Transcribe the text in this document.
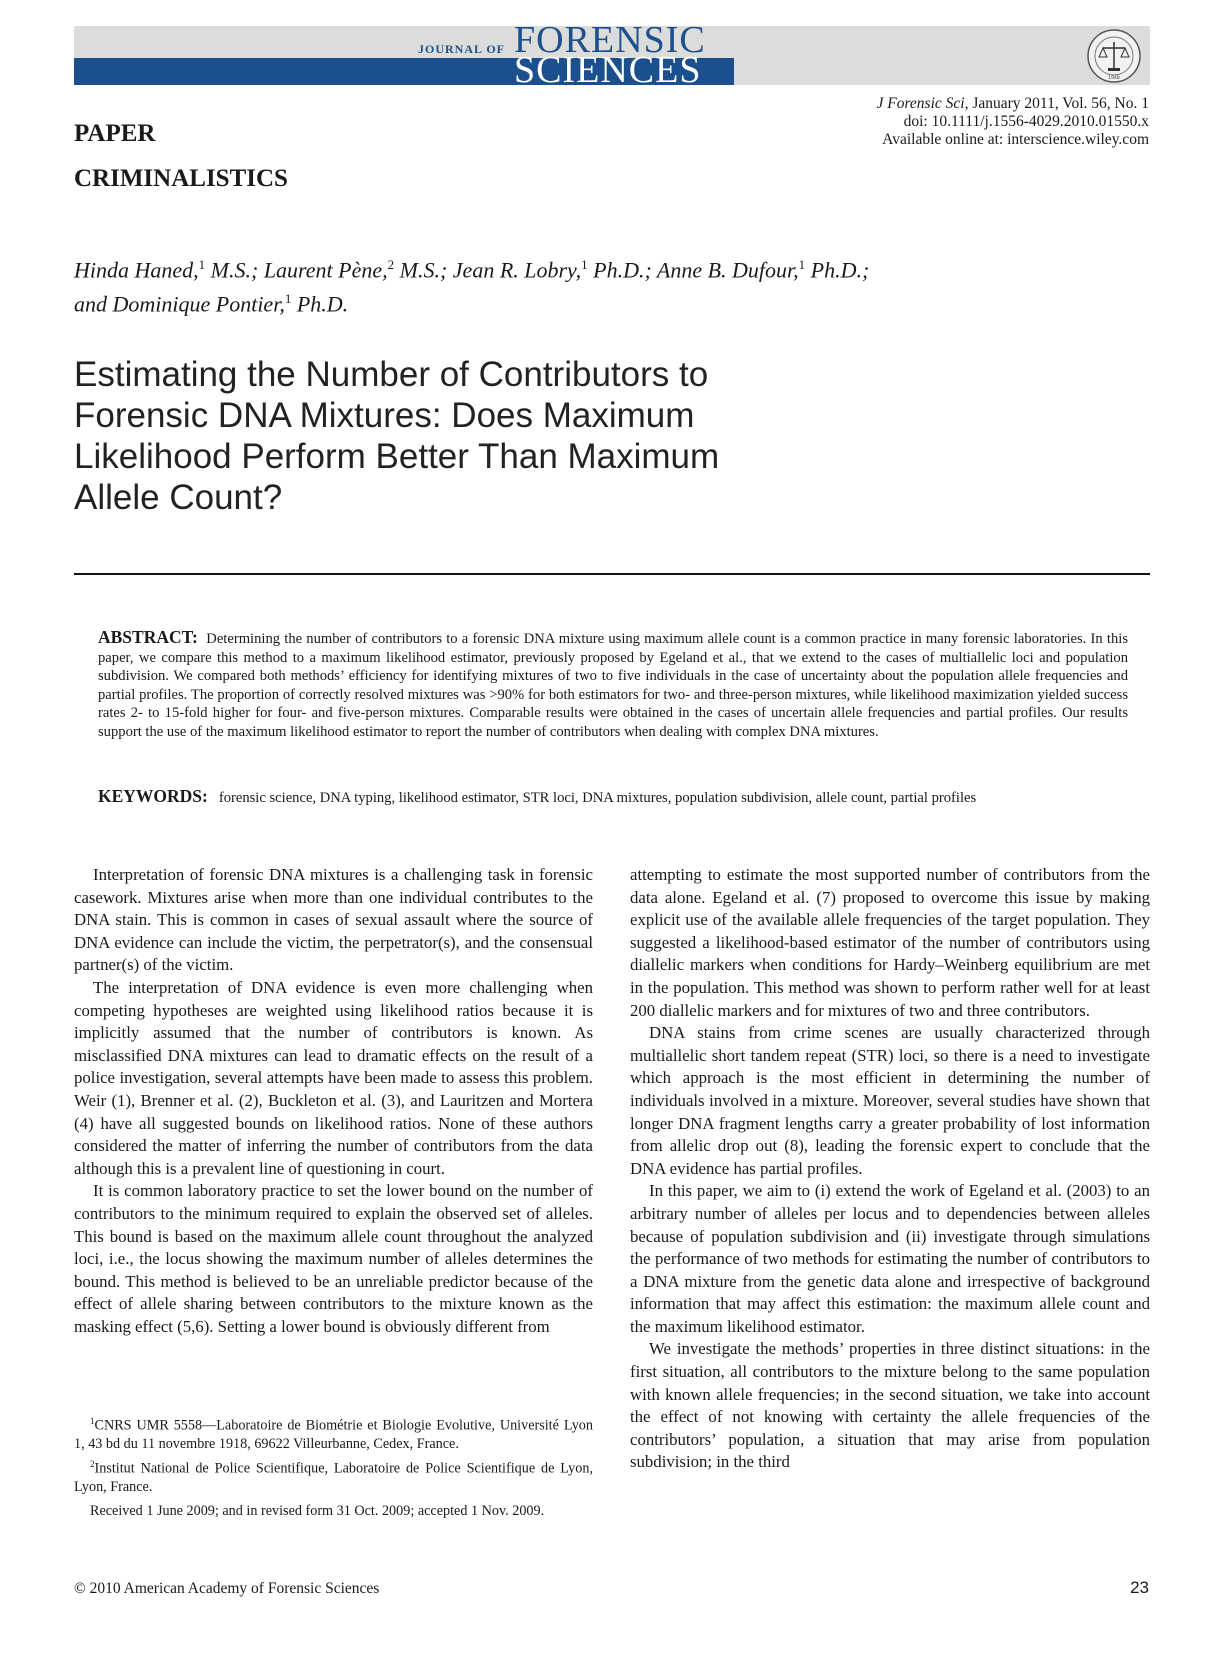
JOURNAL OF FORENSIC
SCIENCES	1948
J Forensic Sci, January 2011, Vol. 56, No. 1
doi: 10.1111/j.1556-4029.2010.01550.x
Available online at: interscience.wiley.com
PAPER
CRIMINALISTICS
Hinda Haned,$^1$ M.S.; Laurent Pène,$^2$ M.S.; Jean R. Lobry,$^1$ Ph.D.; Anne B. Dufour,$^1$ Ph.D.;
and Dominique Pontier,$^1$ Ph.D.
Estimating the Number of Contributors to
Forensic DNA Mixtures: Does Maximum
Likelihood Perform Better Than Maximum
Allele Count?
ABSTRACT: Determining the number of contributors to a forensic DNA mixture using maximum allele count is a common practice in many forensic laboratories. In this paper, we compare this method to a maximum likelihood estimator, previously proposed by Egeland et al., that we extend to the cases of multiallelic loci and population subdivision. We compared both methods’ efficiency for identifying mixtures of two to five individuals in the case of uncertainty about the population allele frequencies and partial profiles. The proportion of correctly resolved mixtures was >90% for both estimators for two- and three-person mixtures, while likelihood maximization yielded success rates 2- to 15-fold higher for four- and five-person mixtures. Comparable results were obtained in the cases of uncertain allele frequencies and partial profiles. Our results support the use of the maximum likelihood estimator to report the number of contributors when dealing with complex DNA mixtures.
KEYWORDS: forensic science, DNA typing, likelihood estimator, STR loci, DNA mixtures, population subdivision, allele count, partial profiles

Interpretation of forensic DNA mixtures is a challenging task in forensic casework. Mixtures arise when more than one individual contributes to the DNA stain. This is common in cases of sexual assault where the source of DNA evidence can include the victim, the perpetrator(s), and the consensual partner(s) of the victim.

The interpretation of DNA evidence is even more challenging when competing hypotheses are weighted using likelihood ratios because it is implicitly assumed that the number of contributors is known. As misclassified DNA mixtures can lead to dramatic effects on the result of a police investigation, several attempts have been made to assess this problem. Weir (1), Brenner et al. (2), Buckleton et al. (3), and Lauritzen and Mortera (4) have all suggested bounds on likelihood ratios. None of these authors considered the matter of inferring the number of contributors from the data although this is a prevalent line of questioning in court.

It is common laboratory practice to set the lower bound on the number of contributors to the minimum required to explain the observed set of alleles. This bound is based on the maximum allele count throughout the analyzed loci, i.e., the locus showing the maximum number of alleles determines the bound. This method is believed to be an unreliable predictor because of the effect of allele sharing between contributors to the mixture known as the masking effect (5,6). Setting a lower bound is obviously different from

attempting to estimate the most supported number of contributors from the data alone. Egeland et al. (7) proposed to overcome this issue by making explicit use of the available allele frequencies of the target population. They suggested a likelihood-based estimator of the number of contributors using diallelic markers when conditions for Hardy–Weinberg equilibrium are met in the population. This method was shown to perform rather well for at least 200 diallelic markers and for mixtures of two and three contributors.

DNA stains from crime scenes are usually characterized through multiallelic short tandem repeat (STR) loci, so there is a need to investigate which approach is the most efficient in determining the number of individuals involved in a mixture. Moreover, several studies have shown that longer DNA fragment lengths carry a greater probability of lost information from allelic drop out (8), leading the forensic expert to conclude that the DNA evidence has partial profiles.

In this paper, we aim to (i) extend the work of Egeland et al. (2003) to an arbitrary number of alleles per locus and to dependencies between alleles because of population subdivision and (ii) investigate through simulations the performance of two methods for estimating the number of contributors to a DNA mixture from the genetic data alone and irrespective of background information that may affect this estimation: the maximum allele count and the maximum likelihood estimator.

We investigate the methods’ properties in three distinct situations: in the first situation, all contributors to the mixture belong to the same population with known allele frequencies; in the second situation, we take into account the effect of not knowing with certainty the allele frequencies of the contributors’ population, a situation that may arise from population subdivision; in the third

$^1$CNRS UMR 5558—Laboratoire de Biométrie et Biologie Evolutive, Université Lyon 1, 43 bd du 11 novembre 1918, 69622 Villeurbanne, Cedex, France.

$^2$Institut National de Police Scientifique, Laboratoire de Police Scientifique de Lyon, Lyon, France.

Received 1 June 2009; and in revised form 31 Oct. 2009; accepted 1 Nov. 2009.

© 2010 American Academy of Forensic Sciences	23
